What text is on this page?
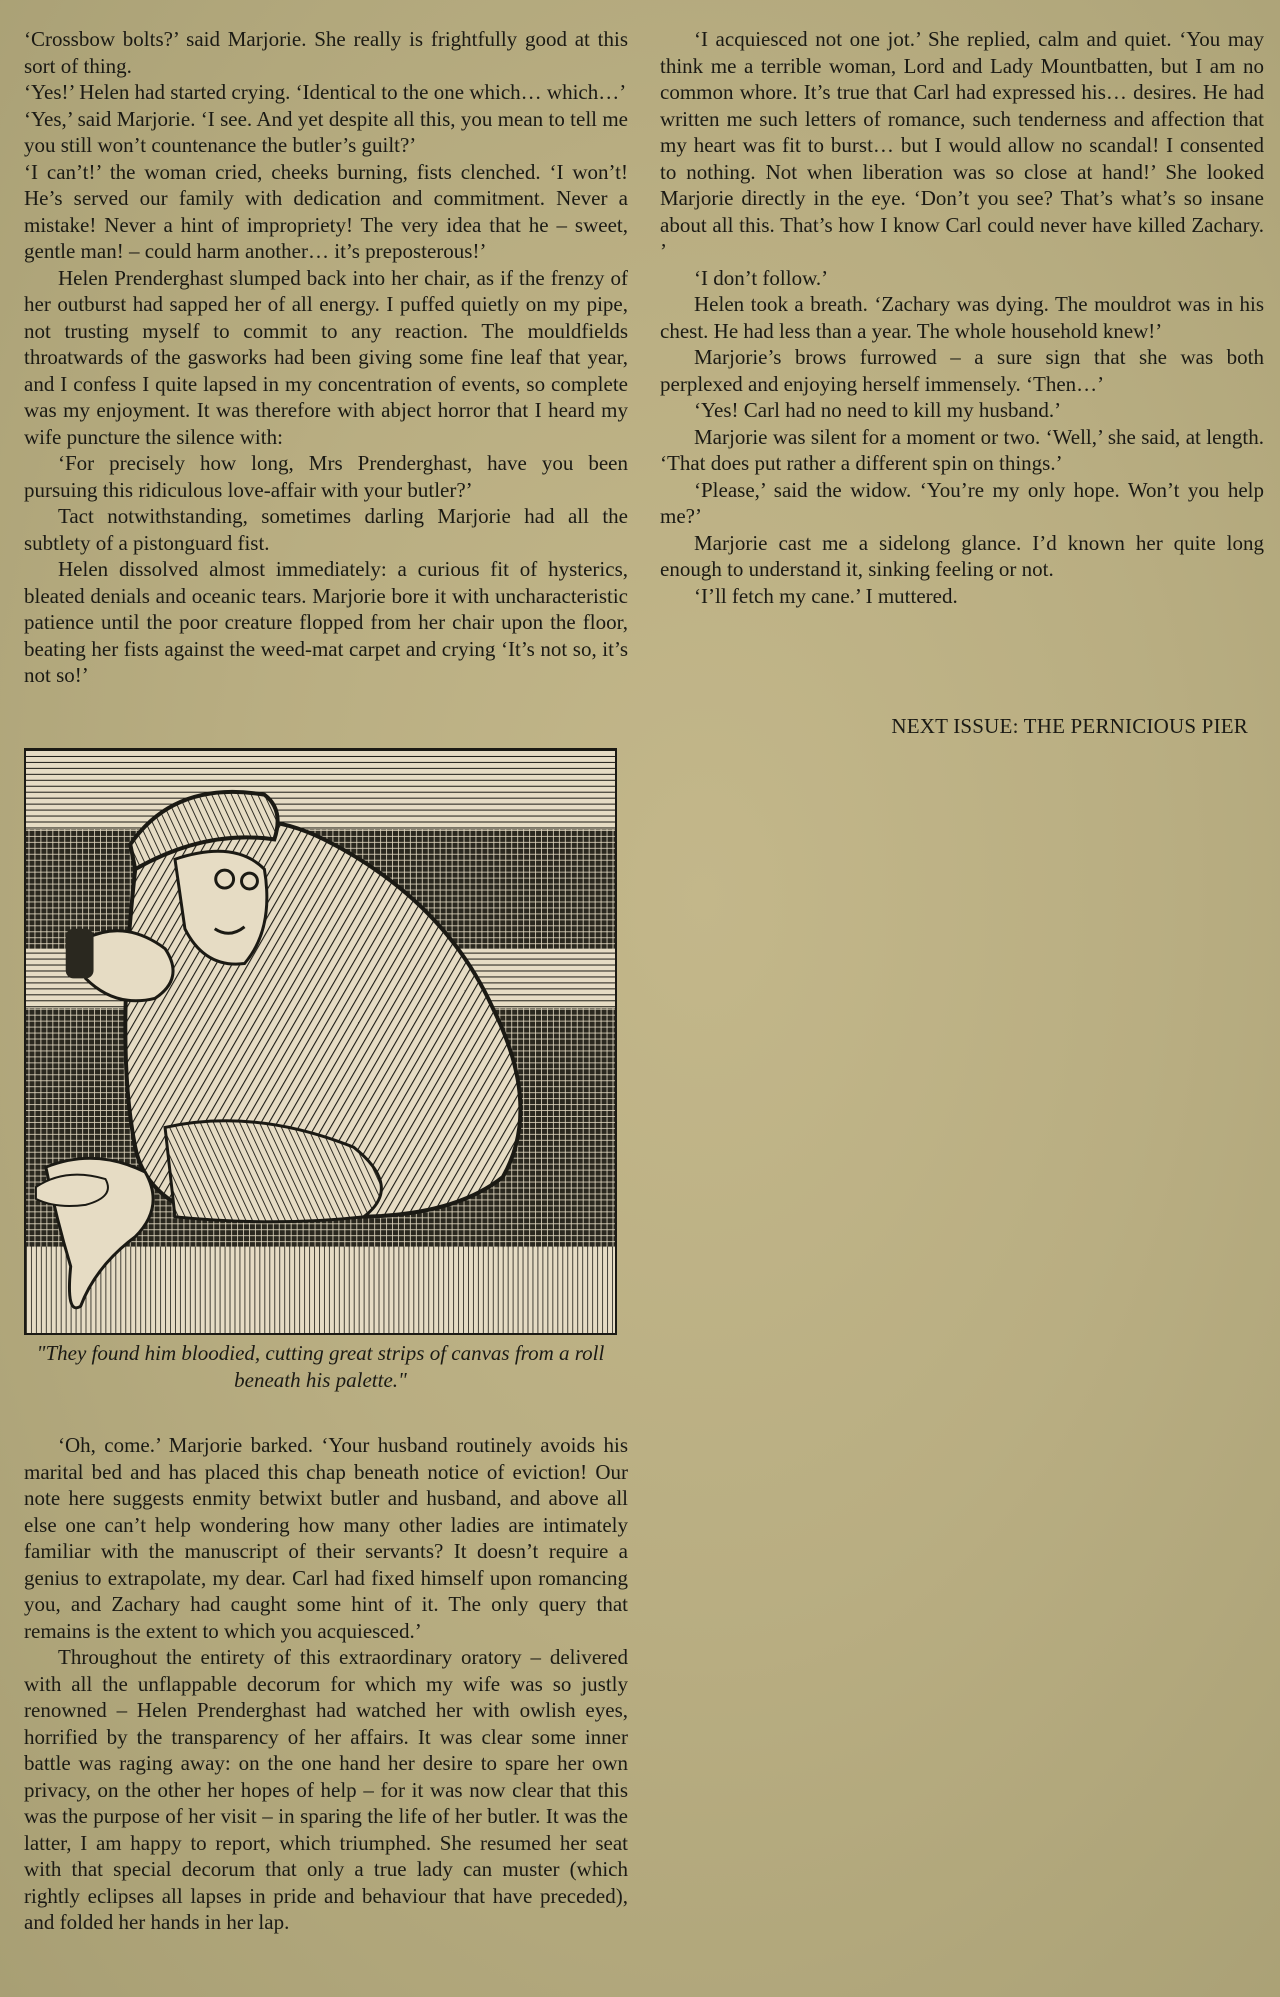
‘Crossbow bolts?’ said Marjorie. She really is frightfully good at this sort of thing.

‘Yes!’ Helen had started crying. ‘Identical to the one which… which…’

‘Yes,’ said Marjorie. ‘I see. And yet despite all this, you mean to tell me you still won’t countenance the butler’s guilt?’

‘I can’t!’ the woman cried, cheeks burning, fists clenched. ‘I won’t! He’s served our family with dedication and commitment. Never a mistake! Never a hint of impropriety! The very idea that he – sweet, gentle man! – could harm another… it’s preposterous!’

Helen Prenderghast slumped back into her chair, as if the frenzy of her outburst had sapped her of all energy. I puffed quietly on my pipe, not trusting myself to commit to any reaction. The mouldfields throatwards of the gasworks had been giving some fine leaf that year, and I confess I quite lapsed in my concentration of events, so complete was my enjoyment. It was therefore with abject horror that I heard my wife puncture the silence with:

‘For precisely how long, Mrs Prenderghast, have you been pursuing this ridiculous love-affair with your butler?’

Tact notwithstanding, sometimes darling Marjorie had all the subtlety of a pistonguard fist.

Helen dissolved almost immediately: a curious fit of hysterics, bleated denials and oceanic tears. Marjorie bore it with uncharacteristic patience until the poor creature flopped from her chair upon the floor, beating her fists against the weed-mat carpet and crying ‘It’s not so, it’s not so!’

"They found him bloodied, cutting great strips of canvas from a roll beneath his palette."

‘Oh, come.’ Marjorie barked. ‘Your husband routinely avoids his marital bed and has placed this chap beneath notice of eviction! Our note here suggests enmity betwixt butler and husband, and above all else one can’t help wondering how many other ladies are intimately familiar with the manuscript of their servants? It doesn’t require a genius to extrapolate, my dear. Carl had fixed himself upon romancing you, and Zachary had caught some hint of it. The only query that remains is the extent to which you acquiesced.’

Throughout the entirety of this extraordinary oratory – delivered with all the unflappable decorum for which my wife was so justly renowned – Helen Prenderghast had watched her with owlish eyes, horrified by the transparency of her affairs. It was clear some inner battle was raging away: on the one hand her desire to spare her own privacy, on the other her hopes of help – for it was now clear that this was the purpose of her visit – in sparing the life of her butler. It was the latter, I am happy to report, which triumphed. She resumed her seat with that special decorum that only a true lady can muster (which rightly eclipses all lapses in pride and behaviour that have preceded), and folded her hands in her lap.

‘I acquiesced not one jot.’ She replied, calm and quiet. ‘You may think me a terrible woman, Lord and Lady Mountbatten, but I am no common whore. It’s true that Carl had expressed his… desires. He had written me such letters of romance, such tenderness and affection that my heart was fit to burst… but I would allow no scandal! I consented to nothing. Not when liberation was so close at hand!’ She looked Marjorie directly in the eye. ‘Don’t you see? That’s what’s so insane about all this. That’s how I know Carl could never have killed Zachary. ’

‘I don’t follow.’

Helen took a breath. ‘Zachary was dying. The mouldrot was in his chest. He had less than a year. The whole household knew!’

Marjorie’s brows furrowed – a sure sign that she was both perplexed and enjoying herself immensely. ‘Then…’

‘Yes! Carl had no need to kill my husband.’

Marjorie was silent for a moment or two. ‘Well,’ she said, at length. ‘That does put rather a different spin on things.’

‘Please,’ said the widow. ‘You’re my only hope. Won’t you help me?’

Marjorie cast me a sidelong glance. I’d known her quite long enough to understand it, sinking feeling or not.

‘I’ll fetch my cane.’ I muttered.

NEXT ISSUE: THE PERNICIOUS PIER
